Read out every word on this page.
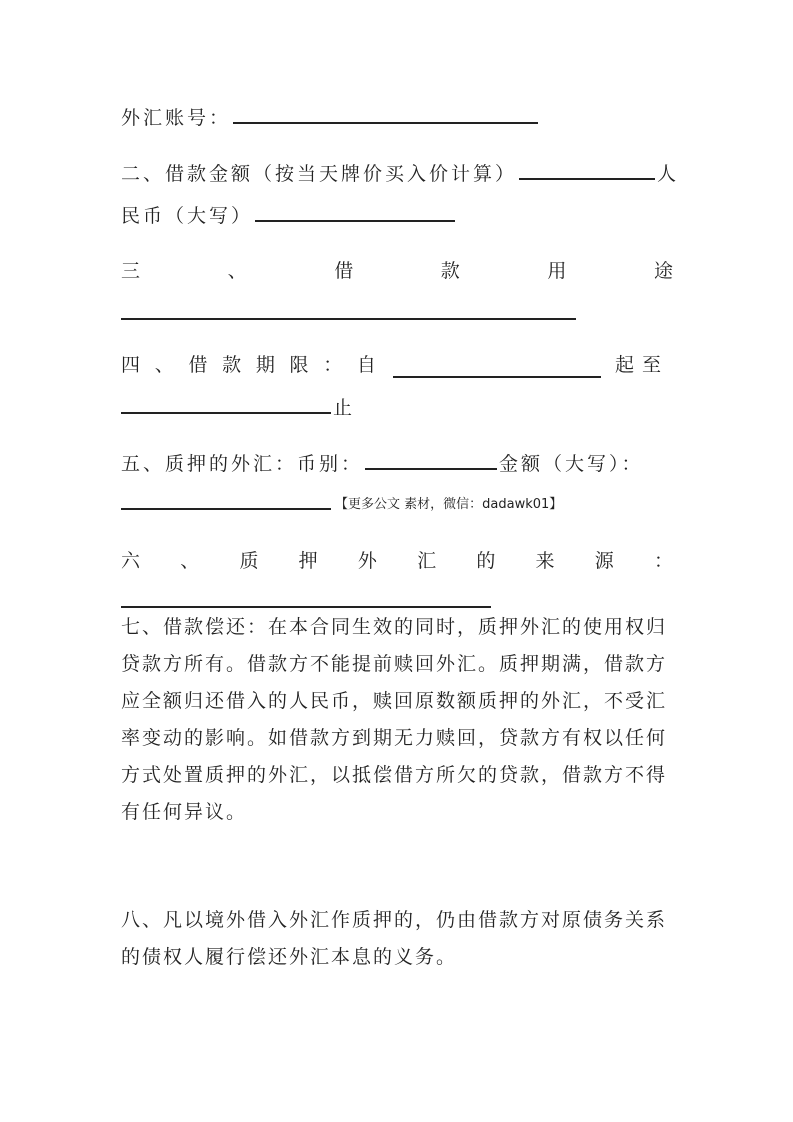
外汇账号：
二、借款金额（按当天牌价买入价计算）	人
民币（大写）
三	、	借	款	用	途
四 、 借 款 期 限 ： 自	起至
止
五、质押的外汇：币别：	金额（大写）：
【更多公文 素材，微信：dadawk01】
六 、 质 押 外 汇 的 来 源 ：
七、借款偿还：在本合同生效的同时，质押外汇的使用权归
贷款方所有。借款方不能提前赎回外汇。质押期满，借款方
应全额归还借入的人民币，赎回原数额质押的外汇，不受汇
率变动的影响。如借款方到期无力赎回，贷款方有权以任何
方式处置质押的外汇，以抵偿借方所欠的贷款，借款方不得
有任何异议。
八、凡以境外借入外汇作质押的，仍由借款方对原债务关系
的债权人履行偿还外汇本息的义务。
